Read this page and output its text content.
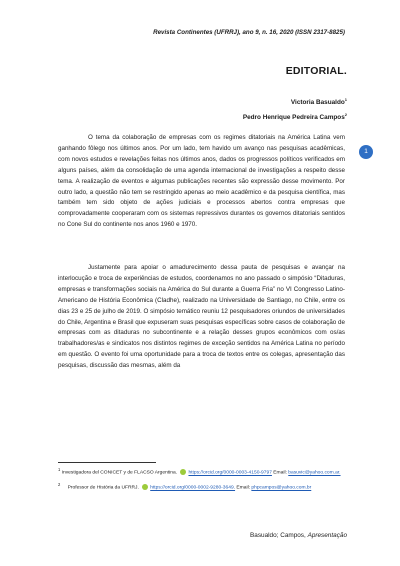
Revista Continentes (UFRRJ), ano 9, n. 16, 2020 (ISSN 2317-8825)
EDITORIAL.
Victoria Basualdo$^1$
Pedro Henrique Pedreira Campos$^2$
1

O tema da colaboração de empresas com os regimes ditatoriais na América Latina vem ganhando fôlego nos últimos anos. Por um lado, tem havido um avanço nas pesquisas acadêmicas, com novos estudos e revelações feitas nos últimos anos, dados os progressos políticos verificados em alguns países, além da consolidação de uma agenda internacional de investigações a respeito desse tema. A realização de eventos e algumas publicações recentes são expressão desse movimento. Por outro lado, a questão não tem se restringido apenas ao meio acadêmico e da pesquisa científica, mas também tem sido objeto de ações judiciais e processos abertos contra empresas que comprovadamente cooperaram com os sistemas repressivos durantes os governos ditatoriais sentidos no Cone Sul do continente nos anos 1960 e 1970.

Justamente para apoiar o amadurecimento dessa pauta de pesquisas e avançar na interlocução e troca de experiências de estudos, coordenamos no ano passado o simpósio “Ditaduras, empresas e transformações sociais na América do Sul durante a Guerra Fria” no VI Congresso Latino-Americano de História Econômica (Cladhe), realizado na Universidade de Santiago, no Chile, entre os dias 23 e 25 de julho de 2019. O simpósio temático reuniu 12 pesquisadores oriundos de universidades do Chile, Argentina e Brasil que expuseram suas pesquisas específicas sobre casos de colaboração de empresas com as ditaduras no subcontinente e a relação desses grupos econômicos com os/as trabalhadores/as e sindicatos nos distintos regimes de exceção sentidos na América Latina no período em questão. O evento foi uma oportunidade para a troca de textos entre os colegas, apresentação das pesquisas, discussão das mesmas, além da

$^1$ Investigadora del CONICET y de FLACSO Argentina. https://orcid.org/0000-0003-4150-9797 Email: basuvic@yahoo.com.ar.
$^2$ Professor de História da UFRRJ. https://orcid.org/0000-0002-9280-3649. Email: phpcampos@yahoo.com.br
Basualdo; Campos, Apresentação
